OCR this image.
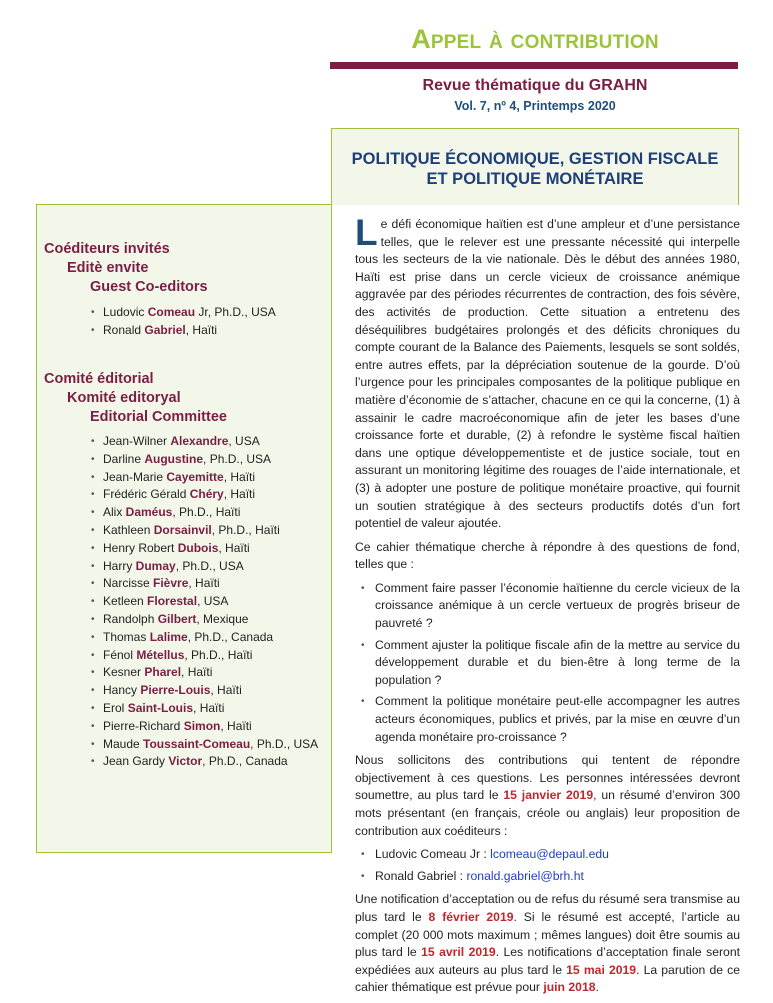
Appel à contribution
Revue thématique du GRAHN
Vol. 7, nº 4, Printemps 2020
POLITIQUE ÉCONOMIQUE, GESTION FISCALE
ET POLITIQUE MONÉTAIRE
Coéditeurs invités
Editè envite
Guest Co-editors
• Ludovic Comeau Jr, Ph.D., USA
• Ronald Gabriel, Haïti
Comité éditorial
Komité editoryal
Editorial Committee
• Jean-Wilner Alexandre, USA
• Darline Augustine, Ph.D., USA
• Jean-Marie Cayemitte, Haïti
• Frédéric Gérald Chéry, Haïti
• Alix Daméus, Ph.D., Haïti
• Kathleen Dorsainvil, Ph.D., Haïti
• Henry Robert Dubois, Haïti
• Harry Dumay, Ph.D., USA
• Narcisse Fièvre, Haïti
• Ketleen Florestal, USA
• Randolph Gilbert, Mexique
• Thomas Lalime, Ph.D., Canada
• Fénol Métellus, Ph.D., Haïti
• Kesner Pharel, Haïti
• Hancy Pierre-Louis, Haïti
• Erol Saint-Louis, Haïti
• Pierre-Richard Simon, Haïti
• Maude Toussaint-Comeau, Ph.D., USA
• Jean Gardy Victor, Ph.D., Canada

Le défi économique haïtien est d’une ampleur et d’une persistance telles, que le relever est une pressante nécessité qui interpelle tous les secteurs de la vie nationale. Dès le début des années 1980, Haïti est prise dans un cercle vicieux de croissance anémique aggravée par des périodes récurrentes de contraction, des fois sévère, des activités de production. Cette situation a entretenu des déséquilibres budgétaires prolongés et des déficits chroniques du compte courant de la Balance des Paiements, lesquels se sont soldés, entre autres effets, par la dépréciation soutenue de la gourde. D’où l’urgence pour les principales composantes de la politique publique en matière d’économie de s’attacher, chacune en ce qui la concerne, (1) à assainir le cadre macroéconomique afin de jeter les bases d’une croissance forte et durable, (2) à refondre le système fiscal haïtien dans une optique développementiste et de justice sociale, tout en assurant un monitoring légitime des rouages de l’aide internationale, et (3) à adopter une posture de politique monétaire proactive, qui fournit un soutien stratégique à des secteurs productifs dotés d’un fort potentiel de valeur ajoutée.

Ce cahier thématique cherche à répondre à des questions de fond, telles que :

• Comment faire passer l’économie haïtienne du cercle vicieux de la croissance anémique à un cercle vertueux de progrès briseur de pauvreté ?
• Comment ajuster la politique fiscale afin de la mettre au service du développement durable et du bien-être à long terme de la population ?
• Comment la politique monétaire peut-elle accompagner les autres acteurs économiques, publics et privés, par la mise en œuvre d’un agenda monétaire pro-croissance ?

Nous sollicitons des contributions qui tentent de répondre objectivement à ces questions. Les personnes intéressées devront soumettre, au plus tard le 15 janvier 2019, un résumé d’environ 300 mots présentant (en français, créole ou anglais) leur proposition de contribution aux coéditeurs :

• Ludovic Comeau Jr : lcomeau@depaul.edu
• Ronald Gabriel : ronald.gabriel@brh.ht

Une notification d’acceptation ou de refus du résumé sera transmise au plus tard le 8 février 2019. Si le résumé est accepté, l’article au complet (20 000 mots maximum ; mêmes langues) doit être soumis au plus tard le 15 avril 2019. Les notifications d’acceptation finale seront expédiées aux auteurs au plus tard le 15 mai 2019. La parution de ce cahier thématique est prévue pour juin 2018.
